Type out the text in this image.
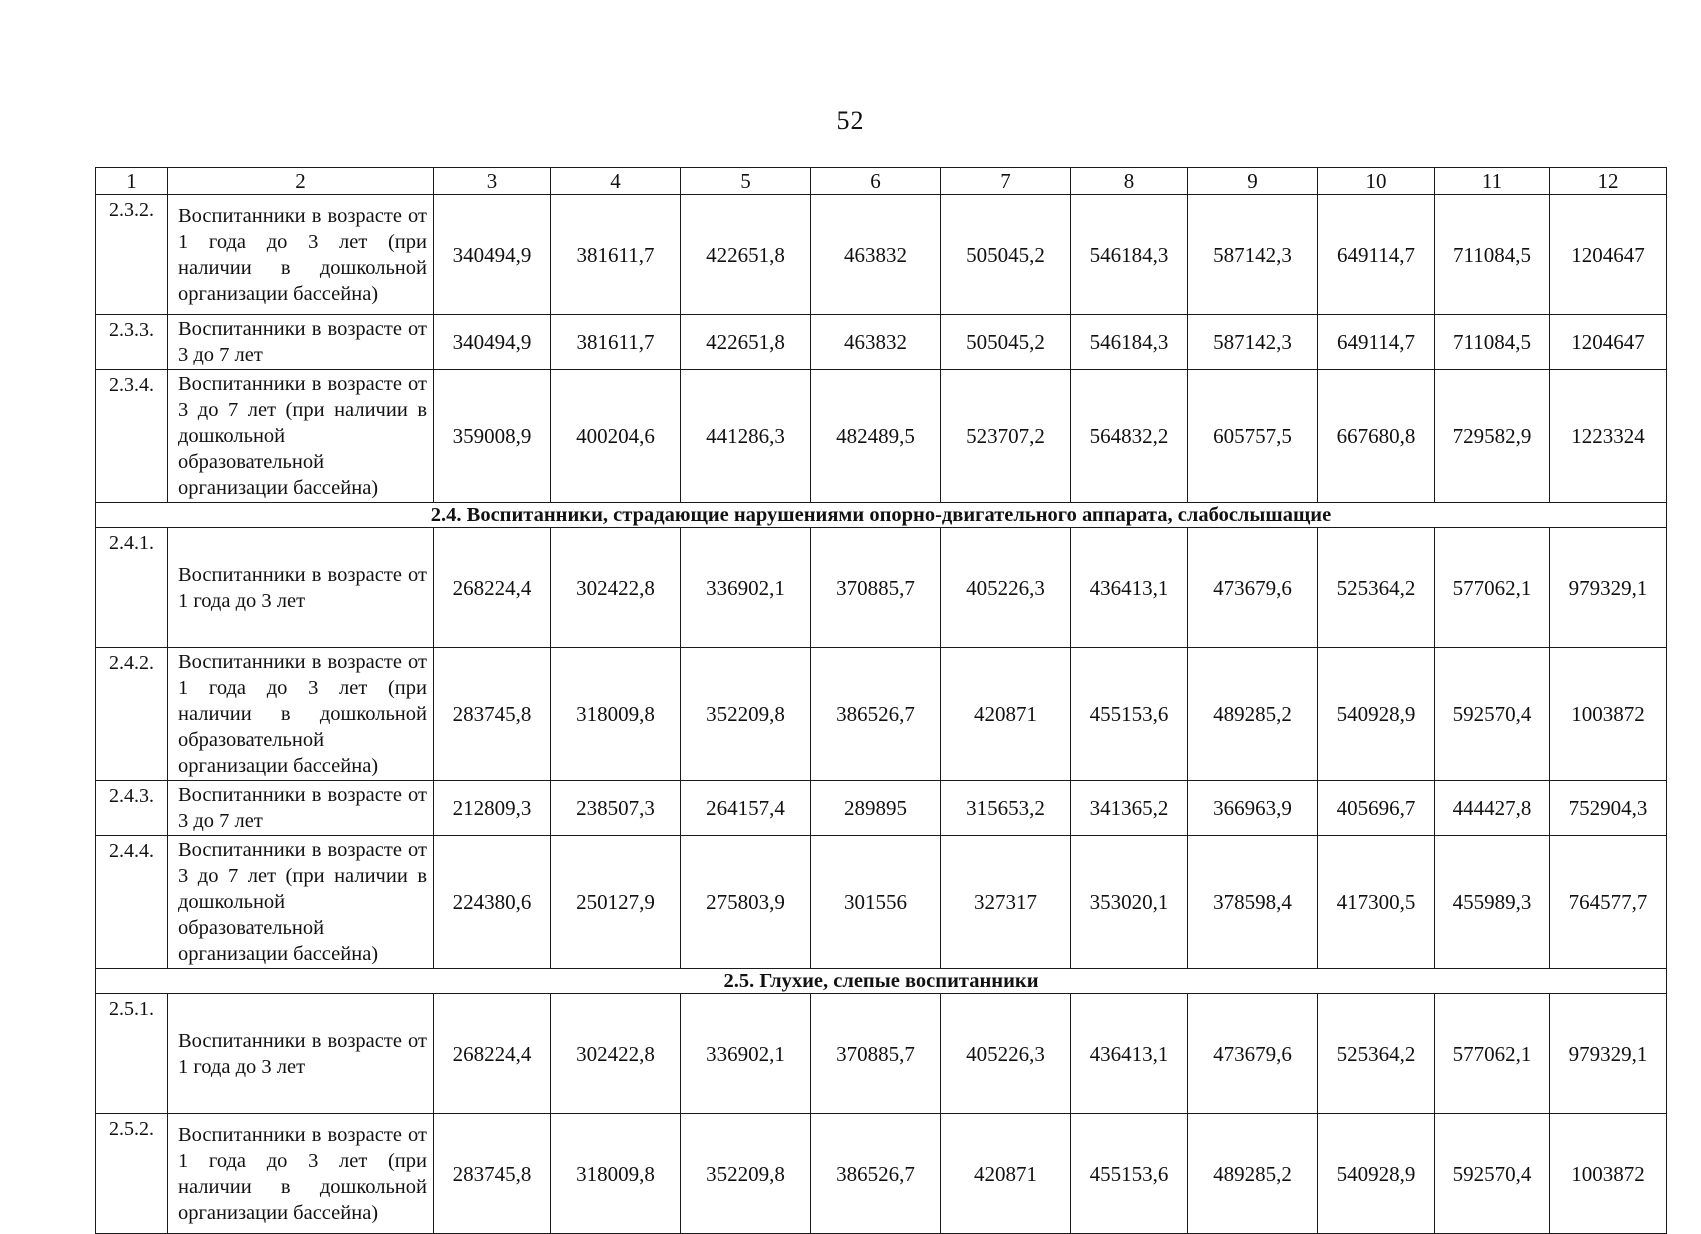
52
1	2	3	4	5	6	7	8	9	10	11	12
2.3.2.	Воспитанники в возрасте от 1 года до 3 лет (при наличии в дошкольной организации бассейна)	340494,9	381611,7	422651,8	463832	505045,2	546184,3	587142,3	649114,7	711084,5	1204647
2.3.3.	Воспитанники в возрасте от 3 до 7 лет	340494,9	381611,7	422651,8	463832	505045,2	546184,3	587142,3	649114,7	711084,5	1204647
2.3.4.	Воспитанники в возрасте от 3 до 7 лет (при наличии в дошкольной образовательной организации бассейна)	359008,9	400204,6	441286,3	482489,5	523707,2	564832,2	605757,5	667680,8	729582,9	1223324
2.4. Воспитанники, страдающие нарушениями опорно-двигательного аппарата, слабослышащие											
2.4.1.	Воспитанники в возрасте от 1 года до 3 лет	268224,4	302422,8	336902,1	370885,7	405226,3	436413,1	473679,6	525364,2	577062,1	979329,1
2.4.2.	Воспитанники в возрасте от 1 года до 3 лет (при наличии в дошкольной образовательной организации бассейна)	283745,8	318009,8	352209,8	386526,7	420871	455153,6	489285,2	540928,9	592570,4	1003872
2.4.3.	Воспитанники в возрасте от 3 до 7 лет	212809,3	238507,3	264157,4	289895	315653,2	341365,2	366963,9	405696,7	444427,8	752904,3
2.4.4.	Воспитанники в возрасте от 3 до 7 лет (при наличии в дошкольной образовательной организации бассейна)	224380,6	250127,9	275803,9	301556	327317	353020,1	378598,4	417300,5	455989,3	764577,7
2.5. Глухие, слепые воспитанники											
2.5.1.	Воспитанники в возрасте от 1 года до 3 лет	268224,4	302422,8	336902,1	370885,7	405226,3	436413,1	473679,6	525364,2	577062,1	979329,1
2.5.2.	Воспитанники в возрасте от 1 года до 3 лет (при наличии в дошкольной организации бассейна)	283745,8	318009,8	352209,8	386526,7	420871	455153,6	489285,2	540928,9	592570,4	1003872
